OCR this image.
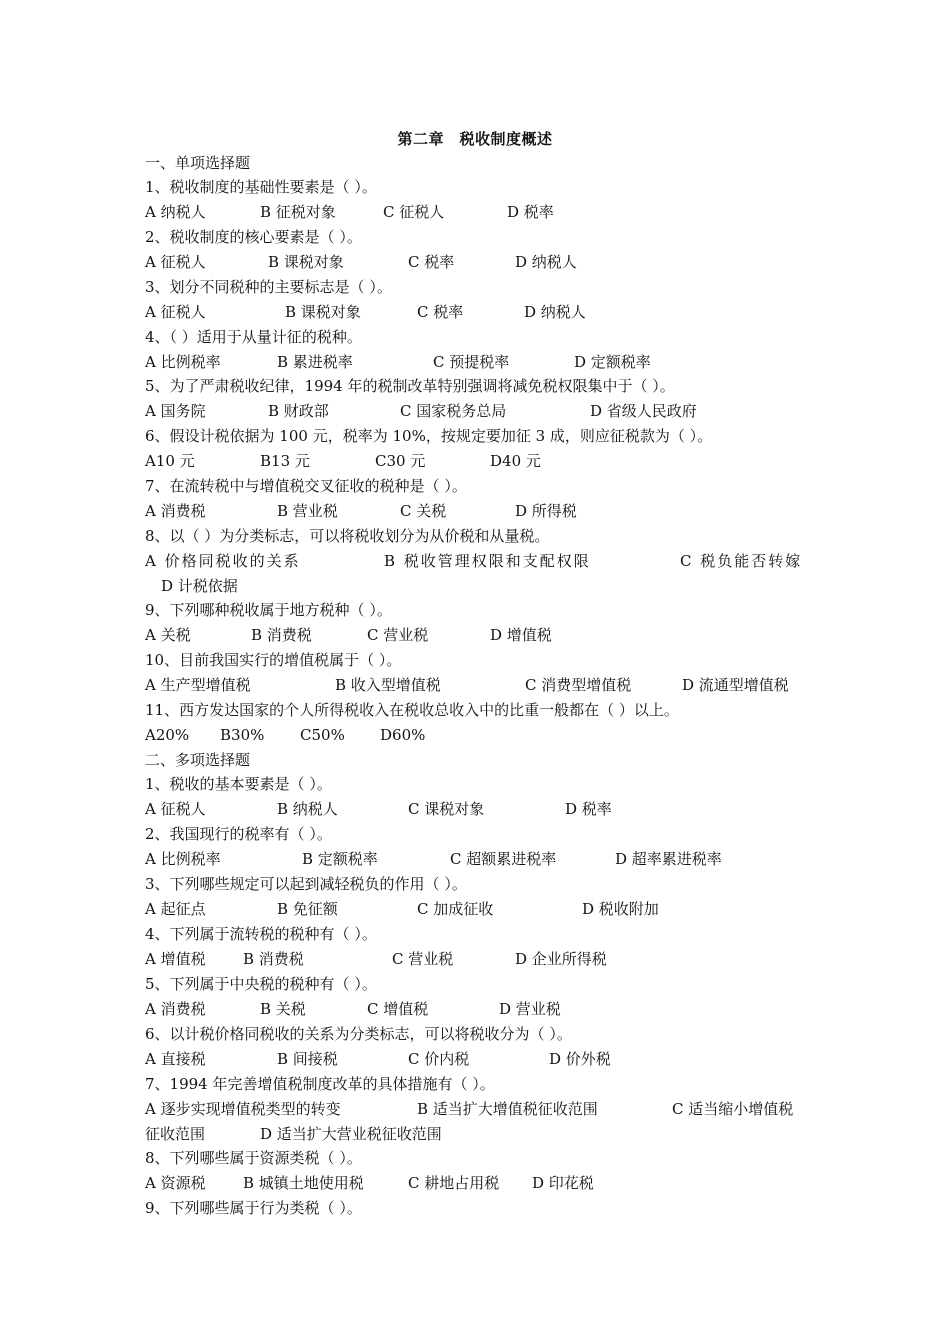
第二章　税收制度概述
一、单项选择题
1、税收制度的基础性要素是（ ）。
A 纳税人	B 征税对象	C 征税人	D 税率
2、税收制度的核心要素是（ ）。
A 征税人	B 课税对象	C 税率	D 纳税人
3、划分不同税种的主要标志是（ ）。
A 征税人	B 课税对象	C 税率	D 纳税人
4、（ ）适用于从量计征的税种。
A 比例税率	B 累进税率	C 预提税率	D 定额税率
5、为了严肃税收纪律，1994 年的税制改革特别强调将减免税权限集中于（ ）。
A 国务院	B 财政部	C 国家税务总局	D 省级人民政府
6、假设计税依据为 100 元，税率为 10%，按规定要加征 3 成，则应征税款为（ ）。
A10 元	B13 元	C30 元	D40 元
7、在流转税中与增值税交叉征收的税种是（ ）。
A 消费税	B 营业税	C 关税	D 所得税
8、以（ ）为分类标志，可以将税收划分为从价税和从量税。
A 价格同税收的关系	B 税收管理权限和支配权限	C 税负能否转嫁
D 计税依据
9、下列哪种税收属于地方税种（ ）。
A 关税	B 消费税	C 营业税	D 增值税
10、目前我国实行的增值税属于（ ）。
A 生产型增值税	B 收入型增值税	C 消费型增值税	D 流通型增值税
11、西方发达国家的个人所得税收入在税收总收入中的比重一般都在（ ）以上。
A20% B30% C50% D60%
二、多项选择题
1、税收的基本要素是（ ）。
A 征税人	B 纳税人	C 课税对象	D 税率
2、我国现行的税率有（ ）。
A 比例税率	B 定额税率	C 超额累进税率	D 超率累进税率
3、下列哪些规定可以起到减轻税负的作用（ ）。
A 起征点	B 免征额	C 加成征收	D 税收附加
4、下列属于流转税的税种有（ ）。
A 增值税 B 消费税	C 营业税	D 企业所得税
5、下列属于中央税的税种有（ ）。
A 消费税	B 关税	C 增值税	D 营业税
6、以计税价格同税收的关系为分类标志，可以将税收分为（ ）。
A 直接税	B 间接税	C 价内税	D 价外税
7、1994 年完善增值税制度改革的具体措施有（ ）。
A 逐步实现增值税类型的转变	B 适当扩大增值税征收范围	C 适当缩小增值税
征收范围	D 适当扩大营业税征收范围
8、下列哪些属于资源类税（ ）。
A 资源税 B 城镇土地使用税	C 耕地占用税 D 印花税
9、下列哪些属于行为类税（ ）。
